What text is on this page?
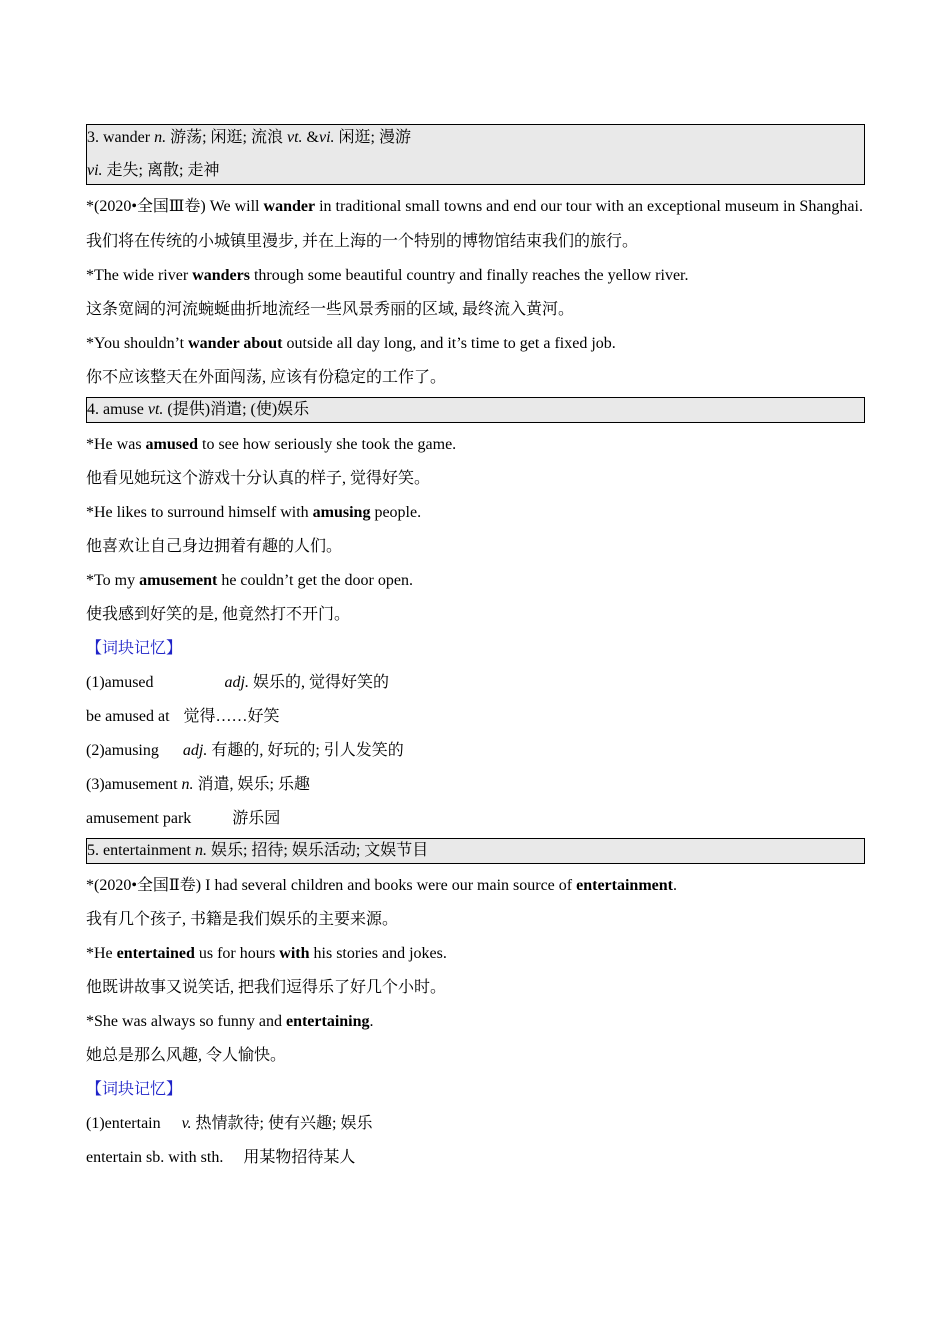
3. wander n. 游荡; 闲逛; 流浪 vt. &vi. 闲逛; 漫游
vi. 走失; 离散; 走神

*(2020•全国Ⅲ卷) We will wander in traditional small towns and end our tour with an exceptional museum in Shanghai.

我们将在传统的小城镇里漫步, 并在上海的一个特别的博物馆结束我们的旅行。

*The wide river wanders through some beautiful country and finally reaches the yellow river.

这条宽阔的河流蜿蜒曲折地流经一些风景秀丽的区域, 最终流入黄河。

*You shouldn’t wander about outside all day long, and it’s time to get a fixed job.

你不应该整天在外面闯荡, 应该有份稳定的工作了。

4. amuse vt. (提供)消遣; (使)娱乐

*He was amused to see how seriously she took the game.

他看见她玩这个游戏十分认真的样子, 觉得好笑。

*He likes to surround himself with amusing people.

他喜欢让自己身边拥着有趣的人们。

*To my amusement he couldn’t get the door open.

使我感到好笑的是, 他竟然打不开门。

【词块记忆】

(1)amused	adj. 娱乐的, 觉得好笑的

be amused at 觉得……好笑

(2)amusing adj. 有趣的, 好玩的; 引人发笑的

(3)amusement n. 消遣, 娱乐; 乐趣

amusement park	游乐园

5. entertainment n. 娱乐; 招待; 娱乐活动; 文娱节目

*(2020•全国Ⅱ卷) I had several children and books were our main source of entertainment.

我有几个孩子, 书籍是我们娱乐的主要来源。

*He entertained us for hours with his stories and jokes.

他既讲故事又说笑话, 把我们逗得乐了好几个小时。

*She was always so funny and entertaining.

她总是那么风趣, 令人愉快。

【词块记忆】

(1)entertain v. 热情款待; 使有兴趣; 娱乐

entertain sb. with sth. 用某物招待某人
